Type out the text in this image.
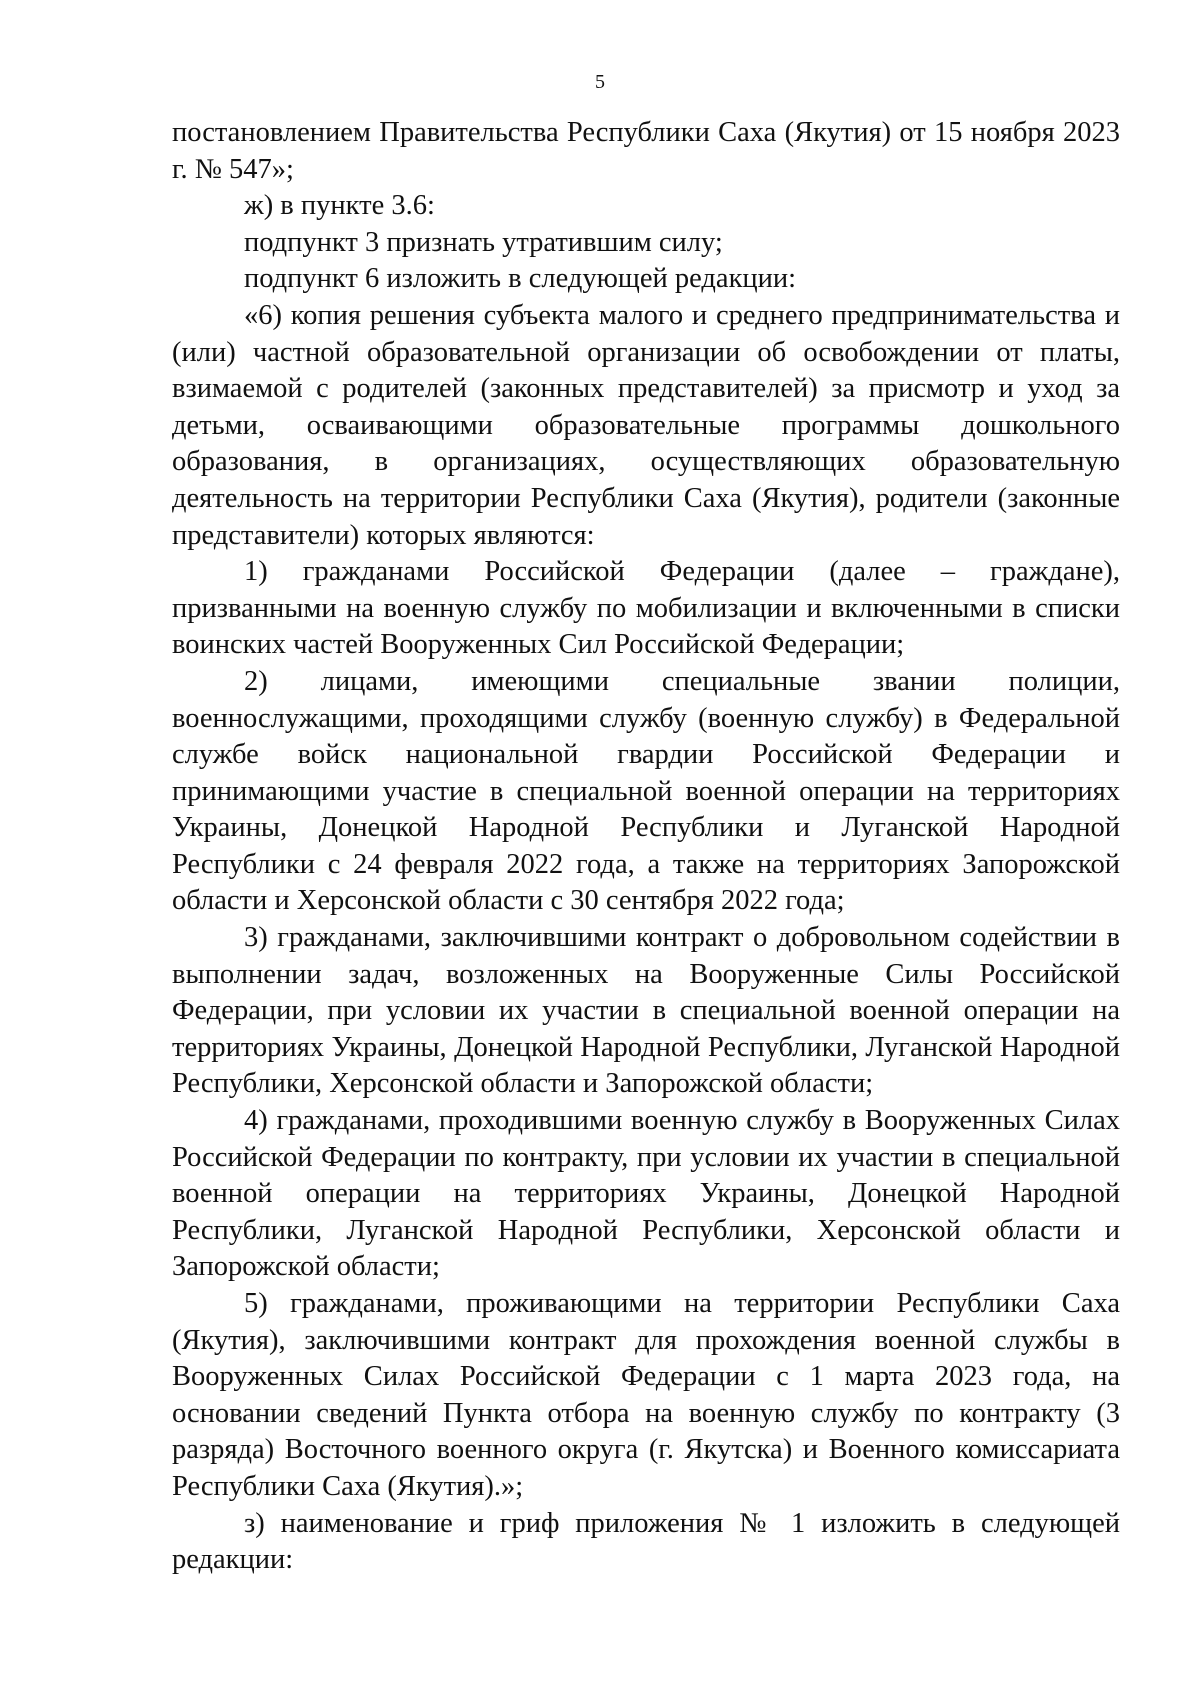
5

постановлением Правительства Республики Саха (Якутия) от 15 ноября 2023 г. № 547»;

ж) в пункте 3.6:

подпункт 3 признать утратившим силу;

подпункт 6 изложить в следующей редакции:

«6) копия решения субъекта малого и среднего предпринимательства и (или) частной образовательной организации об освобождении от платы, взимаемой с родителей (законных представителей) за присмотр и уход за детьми, осваивающими образовательные программы дошкольного образования, в организациях, осуществляющих образовательную деятельность на территории Республики Саха (Якутия), родители (законные представители) которых являются:

1) гражданами Российской Федерации (далее – граждане), призванными на военную службу по мобилизации и включенными в списки воинских частей Вооруженных Сил Российской Федерации;

2) лицами, имеющими специальные звании полиции, военнослужащими, проходящими службу (военную службу) в Федеральной службе войск национальной гвардии Российской Федерации и принимающими участие в специальной военной операции на территориях Украины, Донецкой Народной Республики и Луганской Народной Республики с 24 февраля 2022 года, а также на территориях Запорожской области и Херсонской области с 30 сентября 2022 года;

3) гражданами, заключившими контракт о добровольном содействии в выполнении задач, возложенных на Вооруженные Силы Российской Федерации, при условии их участии в специальной военной операции на территориях Украины, Донецкой Народной Республики, Луганской Народной Республики, Херсонской области и Запорожской области;

4) гражданами, проходившими военную службу в Вооруженных Силах Российской Федерации по контракту, при условии их участии в специальной военной операции на территориях Украины, Донецкой Народной Республики, Луганской Народной Республики, Херсонской области и Запорожской области;

5) гражданами, проживающими на территории Республики Саха (Якутия), заключившими контракт для прохождения военной службы в Вооруженных Силах Российской Федерации с 1 марта 2023 года, на основании сведений Пункта отбора на военную службу по контракту (3 разряда) Восточного военного округа (г. Якутска) и Военного комиссариата Республики Саха (Якутия).»;

з) наименование и гриф приложения № 1 изложить в следующей редакции:
